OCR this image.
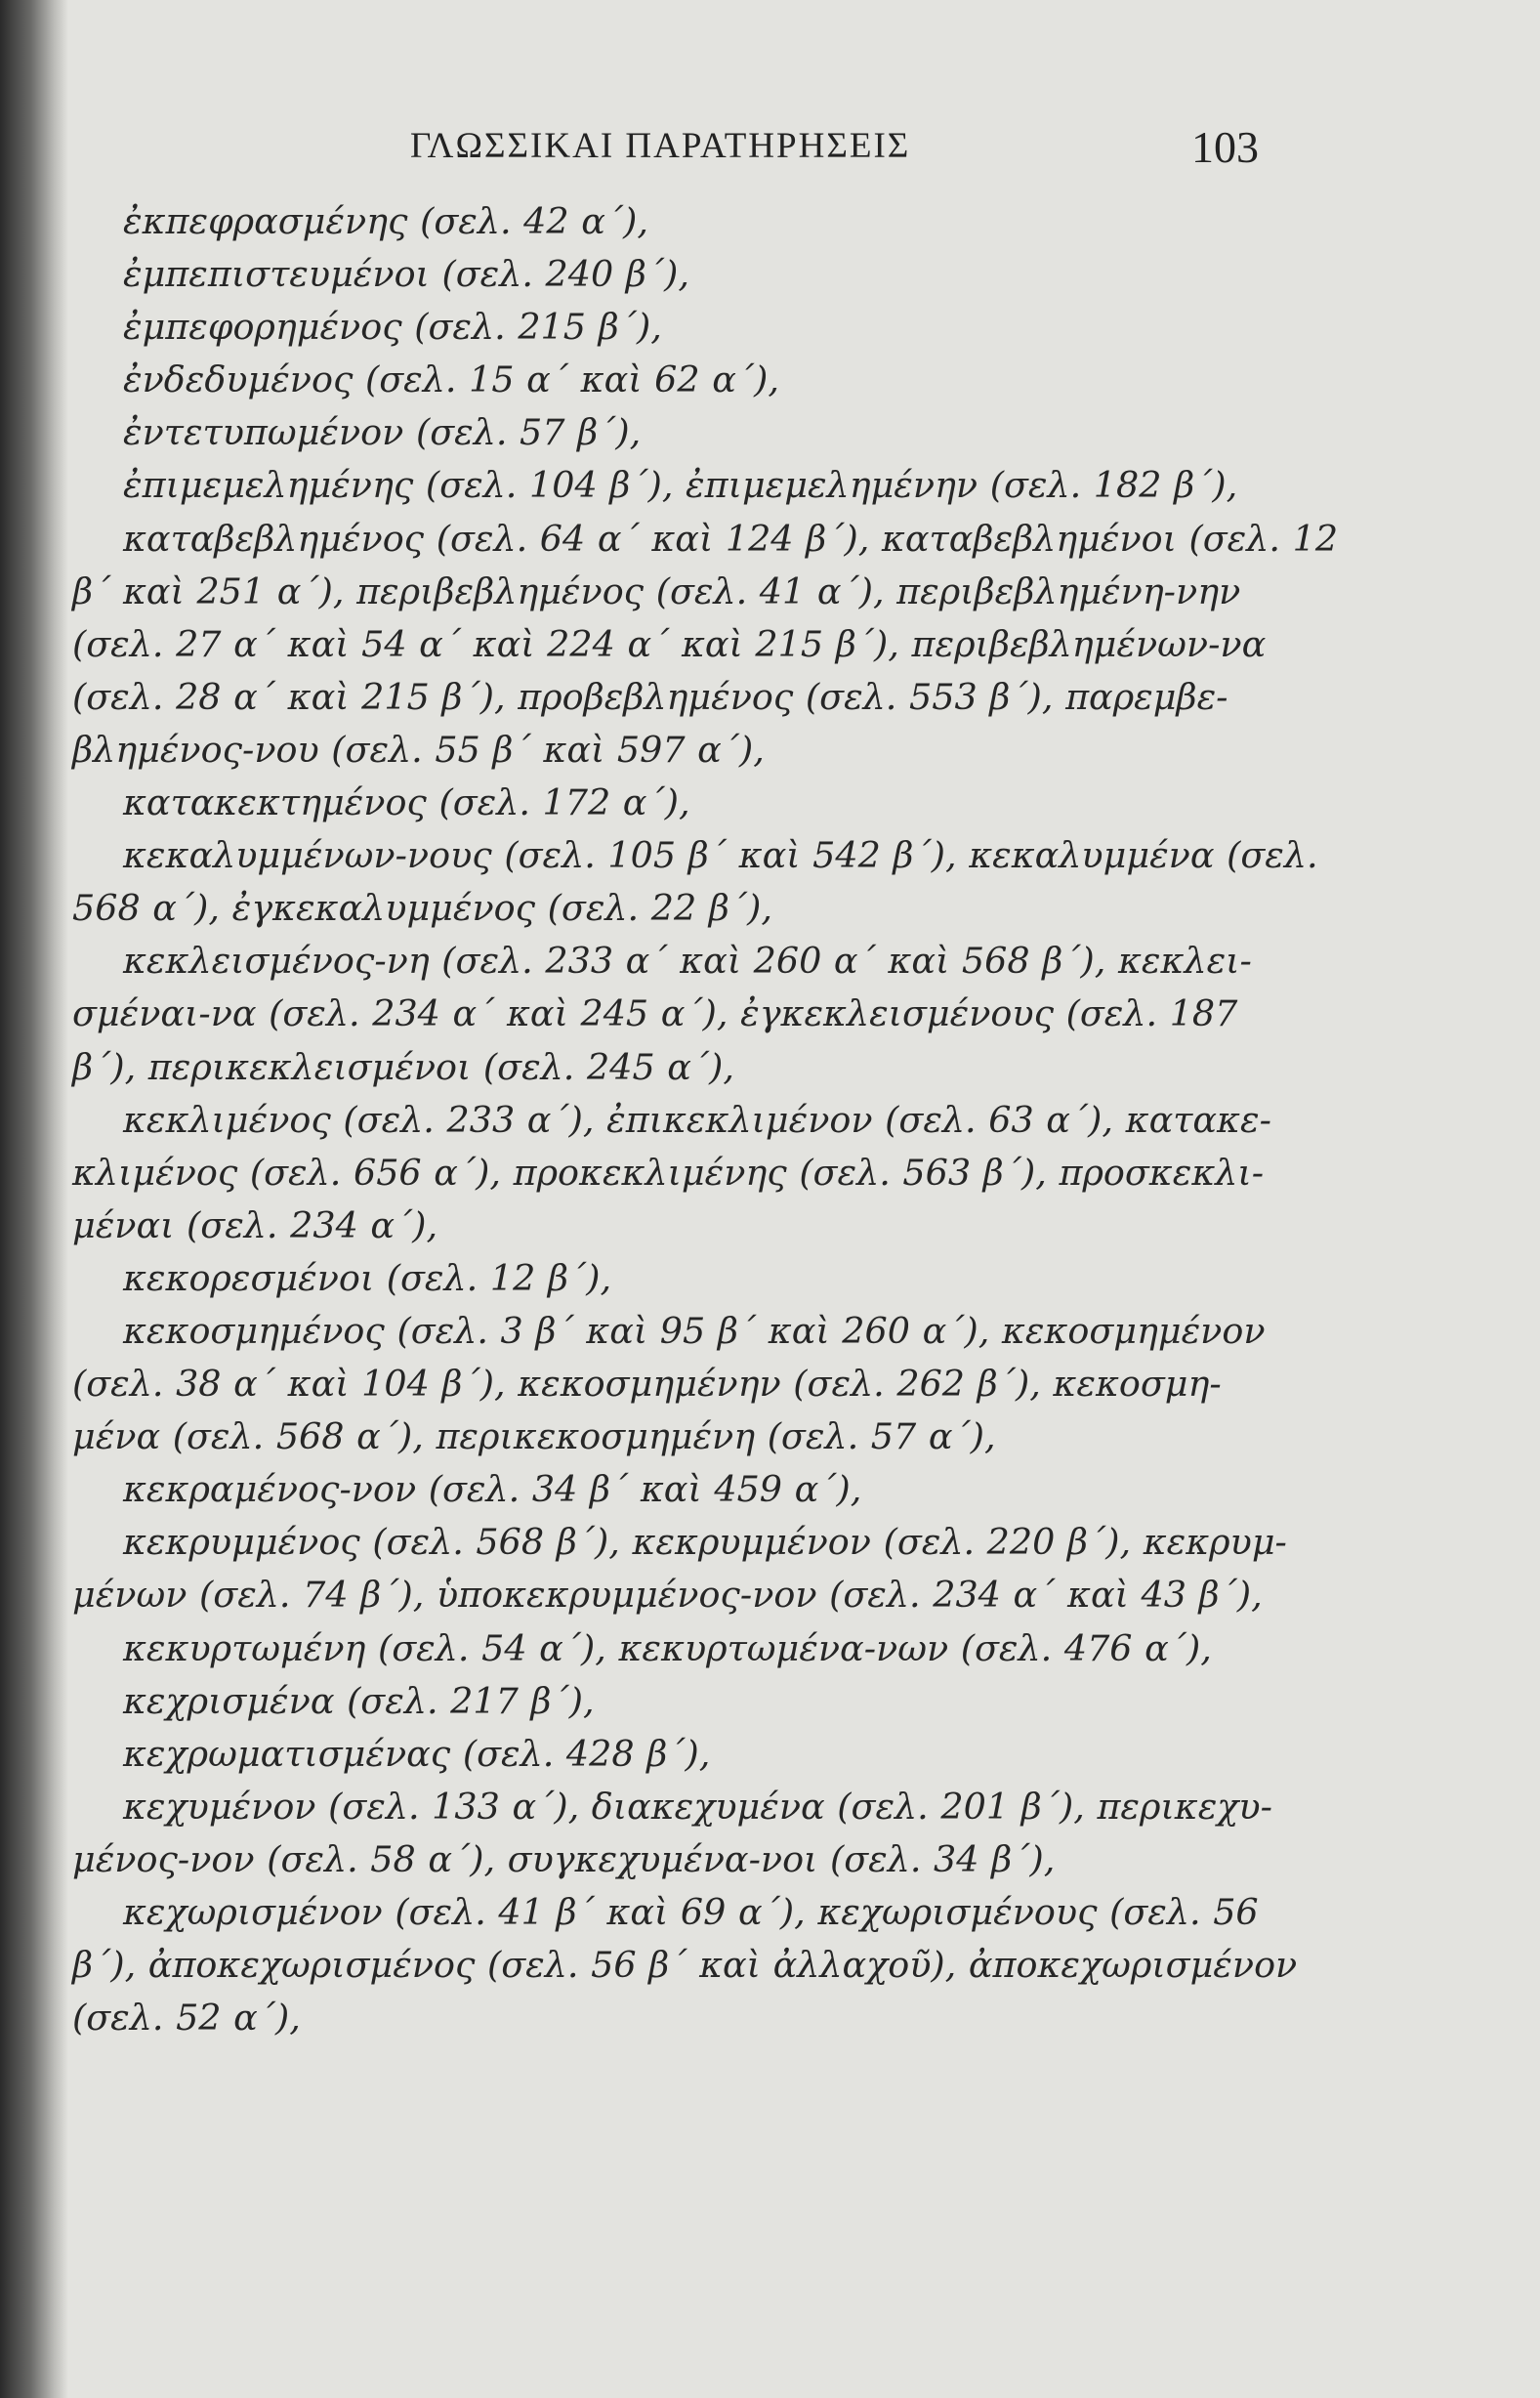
ΓΛΩΣΣΙΚΑΙ ΠΑΡΑΤΗΡΗΣΕΙΣ	103
ἐκπεφρασμένης (σελ. 42 α΄),
ἐμπεπιστευμένοι (σελ. 240 β΄),
ἐμπεφορημένος (σελ. 215 β΄),
ἐνδεδυμένος (σελ. 15 α΄ καὶ 62 α΄),
ἐντετυπωμένον (σελ. 57 β΄),
ἐπιμεμελημένης (σελ. 104 β΄), ἐπιμεμελημένην (σελ. 182 β΄),
καταβεβλημένος (σελ. 64 α΄ καὶ 124 β΄), καταβεβλημένοι (σελ. 12
β΄ καὶ 251 α΄), περιβεβλημένος (σελ. 41 α΄), περιβεβλημένη-νην
(σελ. 27 α΄ καὶ 54 α΄ καὶ 224 α΄ καὶ 215 β΄), περιβεβλημένων-να
(σελ. 28 α΄ καὶ 215 β΄), προβεβλημένος (σελ. 553 β΄), παρεμβε-
βλημένος-νου (σελ. 55 β΄ καὶ 597 α΄),
κατακεκτημένος (σελ. 172 α΄),
κεκαλυμμένων-νους (σελ. 105 β΄ καὶ 542 β΄), κεκαλυμμένα (σελ.
568 α΄), ἐγκεκαλυμμένος (σελ. 22 β΄),
κεκλεισμένος-νη (σελ. 233 α΄ καὶ 260 α΄ καὶ 568 β΄), κεκλει-
σμέναι-να (σελ. 234 α΄ καὶ 245 α΄), ἐγκεκλεισμένους (σελ. 187
β΄), περικεκλεισμένοι (σελ. 245 α΄),
κεκλιμένος (σελ. 233 α΄), ἐπικεκλιμένον (σελ. 63 α΄), κατακε-
κλιμένος (σελ. 656 α΄), προκεκλιμένης (σελ. 563 β΄), προσκεκλι-
μέναι (σελ. 234 α΄),
κεκορεσμένοι (σελ. 12 β΄),
κεκοσμημένος (σελ. 3 β΄ καὶ 95 β΄ καὶ 260 α΄), κεκοσμημένον
(σελ. 38 α΄ καὶ 104 β΄), κεκοσμημένην (σελ. 262 β΄), κεκοσμη-
μένα (σελ. 568 α΄), περικεκοσμημένη (σελ. 57 α΄),
κεκραμένος-νον (σελ. 34 β΄ καὶ 459 α΄),
κεκρυμμένος (σελ. 568 β΄), κεκρυμμένον (σελ. 220 β΄), κεκρυμ-
μένων (σελ. 74 β΄), ὑποκεκρυμμένος-νον (σελ. 234 α΄ καὶ 43 β΄),
κεκυρτωμένη (σελ. 54 α΄), κεκυρτωμένα-νων (σελ. 476 α΄),
κεχρισμένα (σελ. 217 β΄),
κεχρωματισμένας (σελ. 428 β΄),
κεχυμένον (σελ. 133 α΄), διακεχυμένα (σελ. 201 β΄), περικεχυ-
μένος-νον (σελ. 58 α΄), συγκεχυμένα-νοι (σελ. 34 β΄),
κεχωρισμένον (σελ. 41 β΄ καὶ 69 α΄), κεχωρισμένους (σελ. 56
β΄), ἀποκεχωρισμένος (σελ. 56 β΄ καὶ ἀλλαχοῦ), ἀποκεχωρισμένον
(σελ. 52 α΄),
